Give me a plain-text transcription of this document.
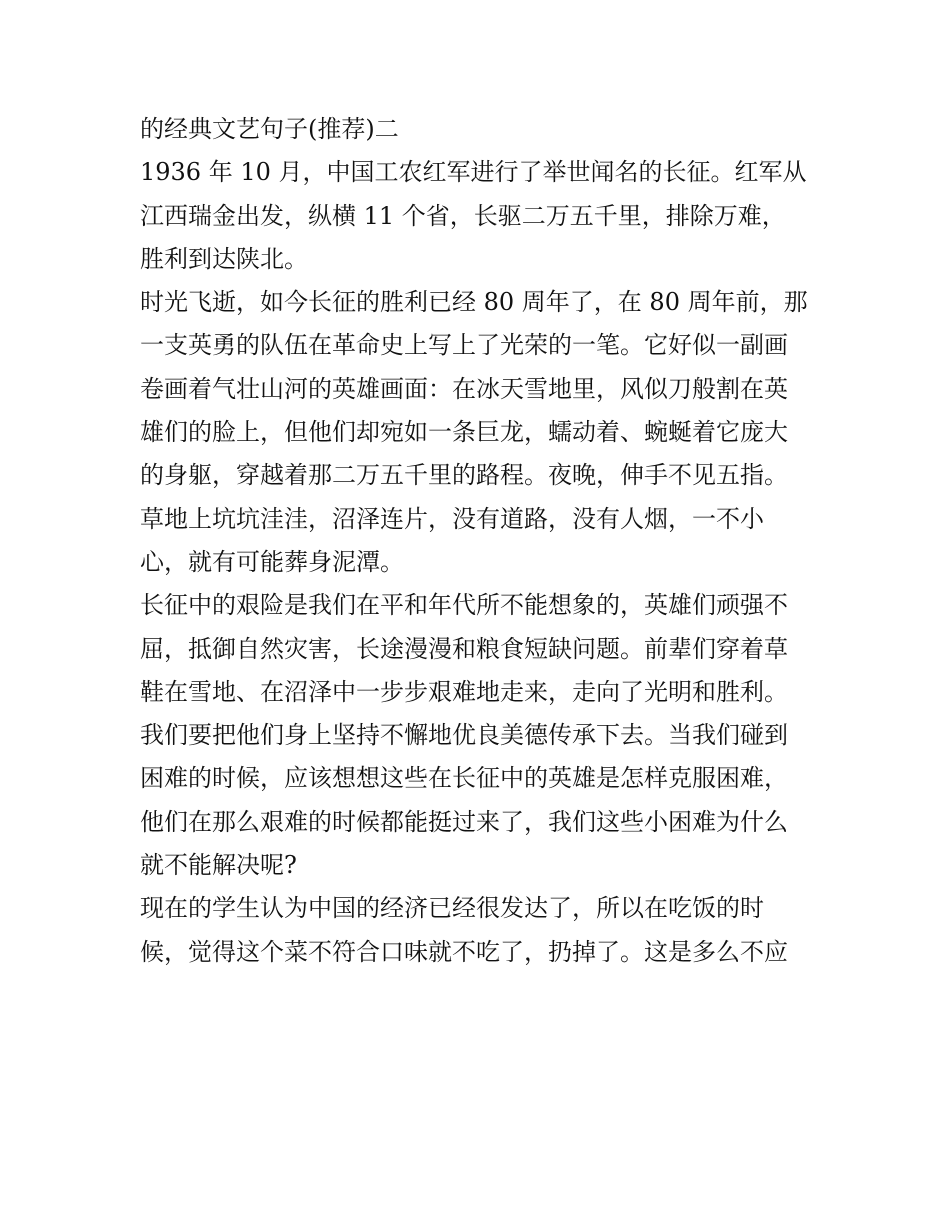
的经典文艺句子(推荐)二
1936 年 10 月，中国工农红军进行了举世闻名的长征。红军从
江西瑞金出发，纵横 11 个省，长驱二万五千里，排除万难，
胜利到达陕北。
时光飞逝，如今长征的胜利已经 80 周年了，在 80 周年前，那
一支英勇的队伍在革命史上写上了光荣的一笔。它好似一副画
卷画着气壮山河的英雄画面：在冰天雪地里，风似刀般割在英
雄们的脸上，但他们却宛如一条巨龙，蠕动着、蜿蜒着它庞大
的身躯，穿越着那二万五千里的路程。夜晚，伸手不见五指。
草地上坑坑洼洼，沼泽连片，没有道路，没有人烟，一不小
心，就有可能葬身泥潭。
长征中的艰险是我们在平和年代所不能想象的，英雄们顽强不
屈，抵御自然灾害，长途漫漫和粮食短缺问题。前辈们穿着草
鞋在雪地、在沼泽中一步步艰难地走来，走向了光明和胜利。
我们要把他们身上坚持不懈地优良美德传承下去。当我们碰到
困难的时候，应该想想这些在长征中的英雄是怎样克服困难，
他们在那么艰难的时候都能挺过来了，我们这些小困难为什么
就不能解决呢?
现在的学生认为中国的经济已经很发达了，所以在吃饭的时
候，觉得这个菜不符合口味就不吃了，扔掉了。这是多么不应
